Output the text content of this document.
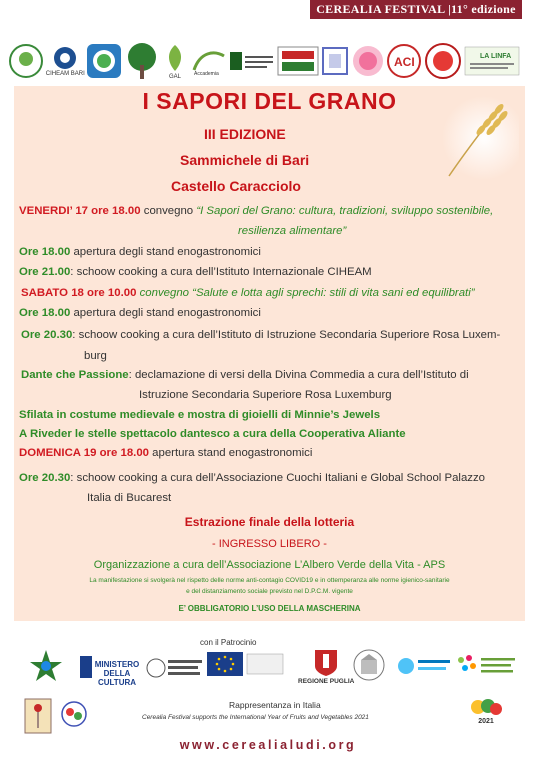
CEREALIA FESTIVAL |11° edizione
CIHEAM BARI	GAL	Accademia
ACI	LA LINFA
I SAPORI DEL GRANO
III EDIZIONE
Sammichele di Bari
Castello Caracciolo
VENERDI’ 17 ore 18.00 convegno “I Sapori del Grano: cultura, tradizioni, sviluppo sostenibile,
resilienza alimentare”
Ore 18.00 apertura degli stand enogastronomici
Ore 21.00: schoow cooking a cura dell’Istituto Internazionale CIHEAM
SABATO 18 ore 10.00 convegno “Salute e lotta agli sprechi: stili di vita sani ed equilibrati”
Ore 18.00 apertura degli stand enogastronomici
Ore 20.30: schoow cooking a cura dell’Istituto di Istruzione Secondaria Superiore Rosa Luxem-
burg
Dante che Passione: declamazione di versi della Divina Commedia a cura dell’Istituto di
Istruzione Secondaria Superiore Rosa Luxemburg
Sfilata in costume medievale e mostra di gioielli di Minnie’s Jewels
A Riveder le stelle spettacolo dantesco a cura della Cooperativa Aliante
DOMENICA 19 ore 18.00 apertura stand enogastronomici
Ore 20.30: schoow cooking a cura dell’Associazione Cuochi Italiani e Global School Palazzo
Italia di Bucarest
Estrazione finale della lotteria
- INGRESSO LIBERO -
Organizzazione a cura dell’Associazione L’Albero Verde della Vita - APS
La manifestazione si svolgerà nel rispetto delle norme anti-contagio COVID19 e in ottemperanza alle norme igienico-sanitarie
e del distanziamento sociale previsto nel D.P.C.M. vigente
E’ OBBLIGATORIO L’USO DELLA MASCHERINA
con il Patrocinio
MINISTERO DELLA CULTURA	REGIONE PUGLIA
Rappresentanza in Italia
Cerealia Festival supports the International Year of Fruits and Vegetables 2021
2021
www.cerealialudi.org
